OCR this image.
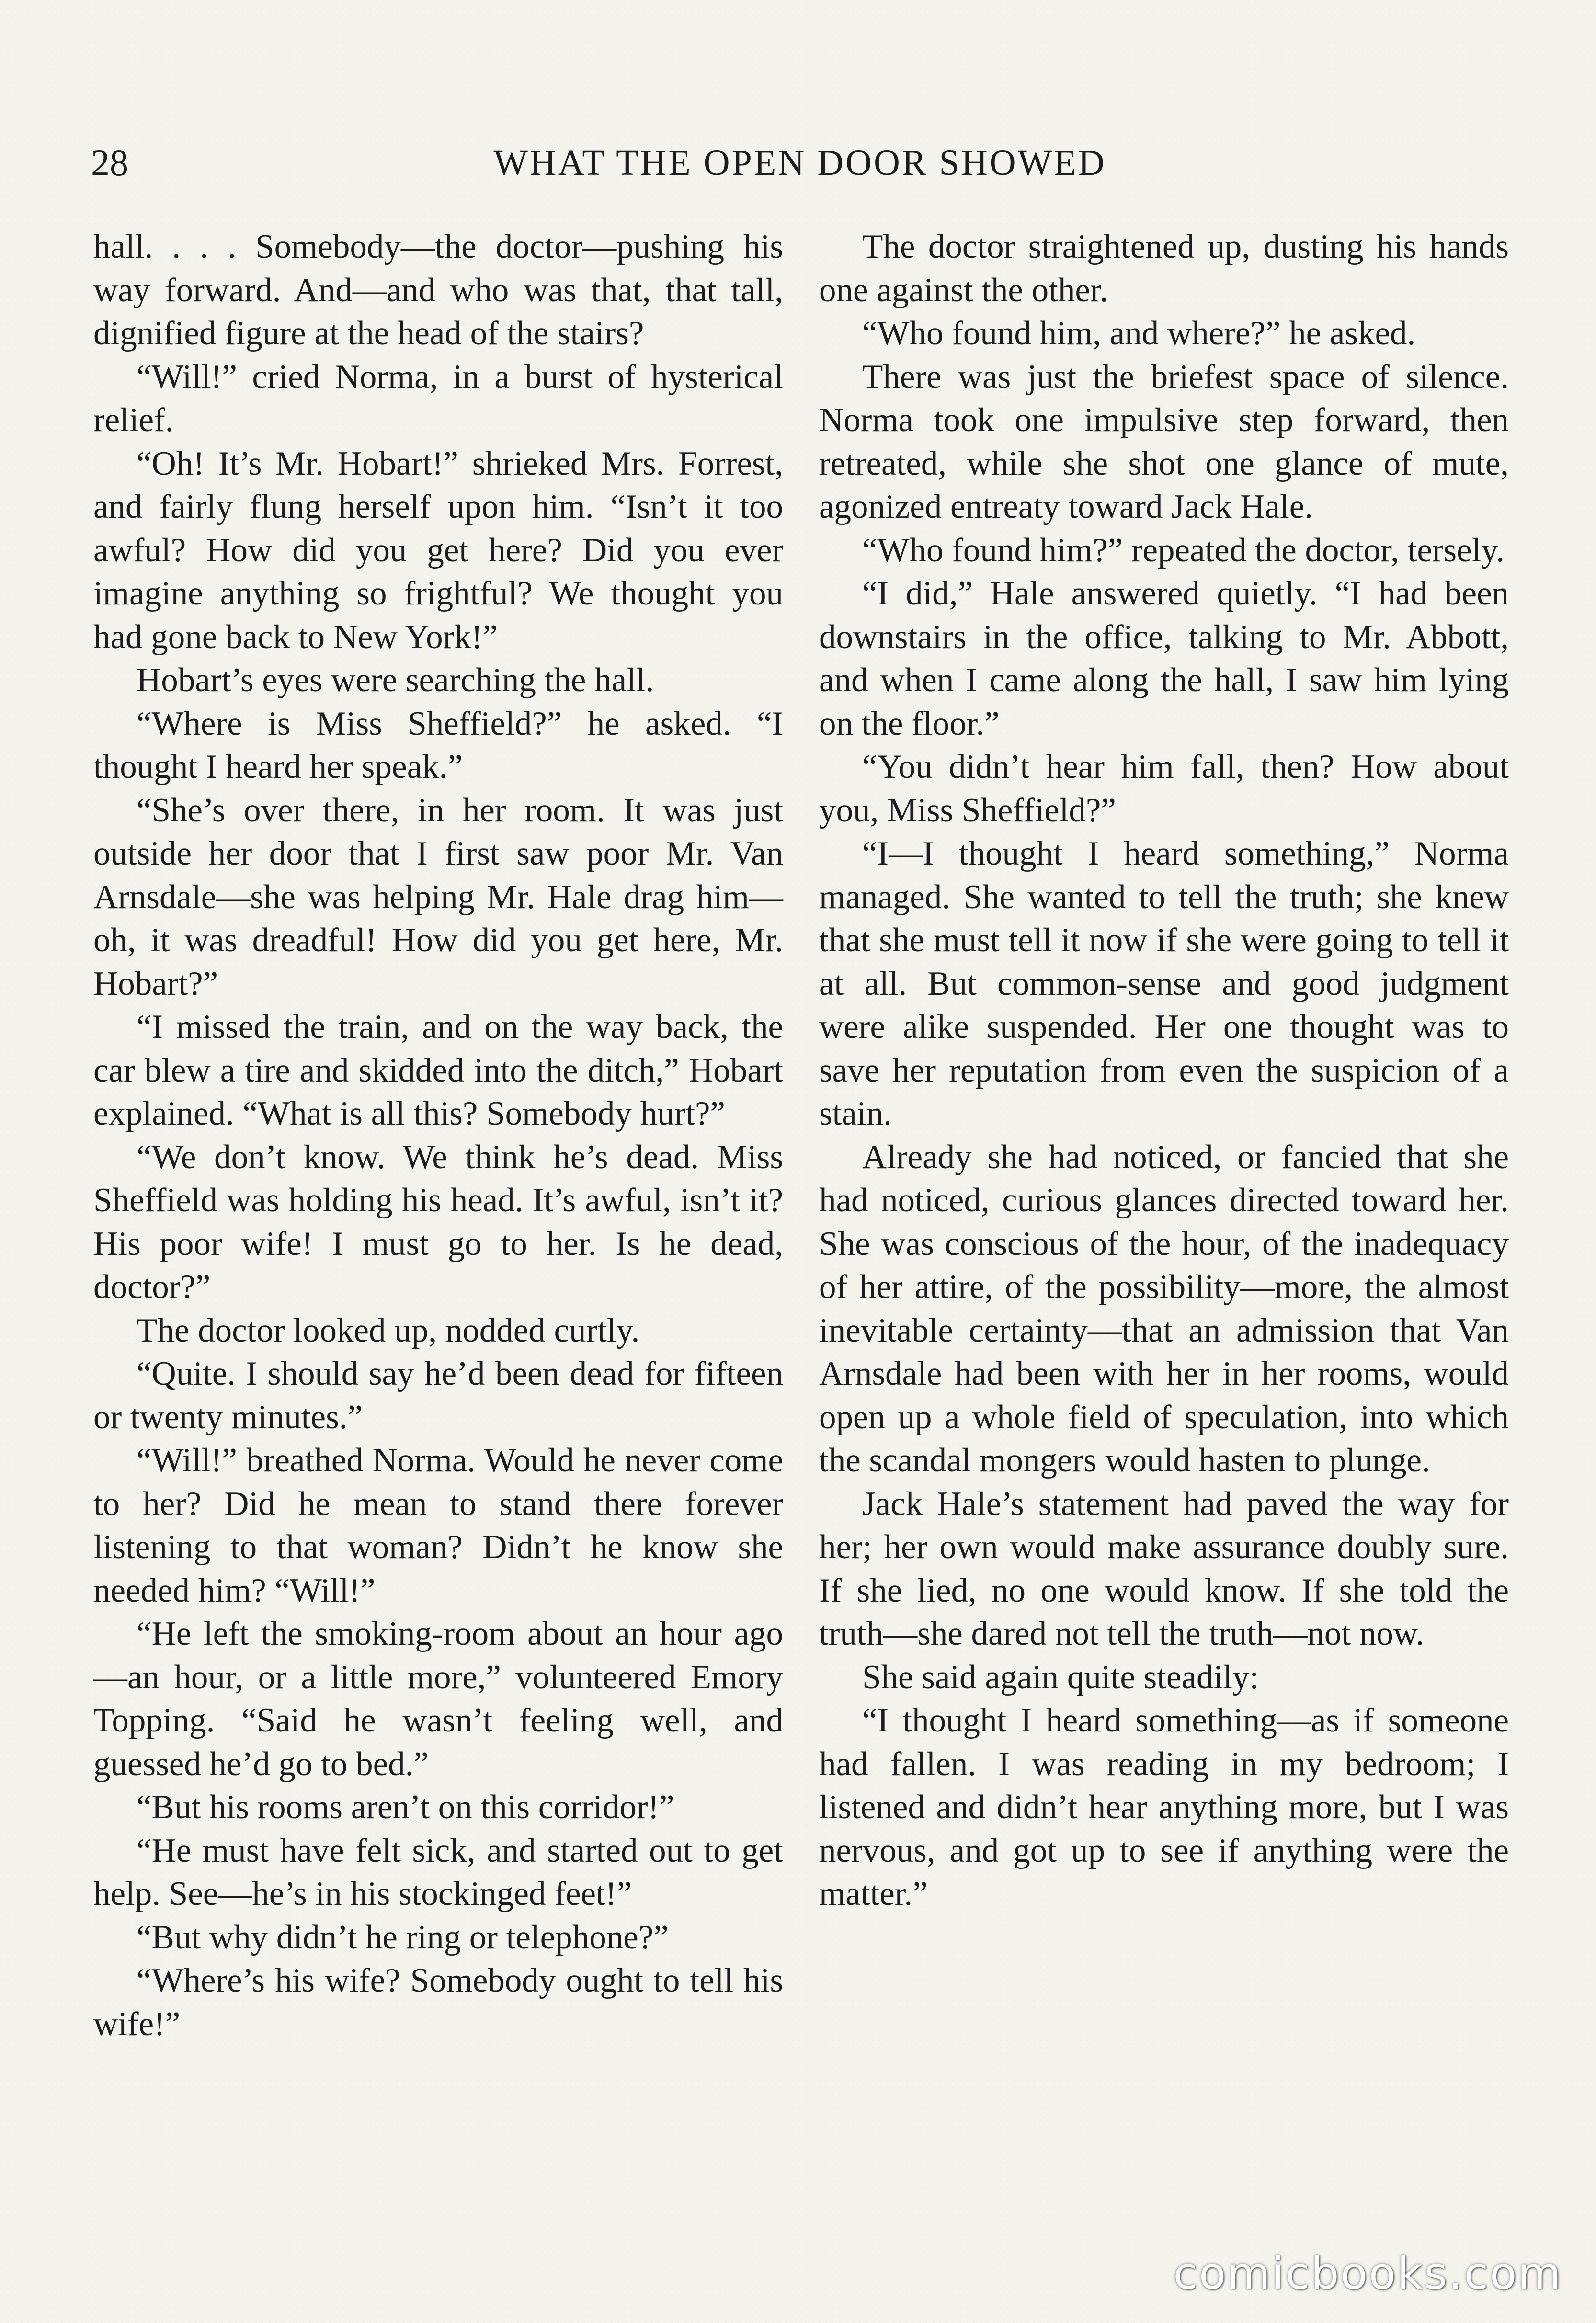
28	WHAT THE OPEN DOOR SHOWED

hall. . . . Somebody—the doctor—pushing his way forward. And—and who was that, that tall, dignified figure at the head of the stairs?

“Will!” cried Norma, in a burst of hysterical relief.

“Oh! It’s Mr. Hobart!” shrieked Mrs. Forrest, and fairly flung herself upon him. “Isn’t it too awful? How did you get here? Did you ever imagine anything so frightful? We thought you had gone back to New York!”

Hobart’s eyes were searching the hall.

“Where is Miss Sheffield?” he asked. “I thought I heard her speak.”

“She’s over there, in her room. It was just outside her door that I first saw poor Mr. Van Arnsdale—she was helping Mr. Hale drag him—oh, it was dreadful! How did you get here, Mr. Hobart?”

“I missed the train, and on the way back, the car blew a tire and skidded into the ditch,” Hobart explained. “What is all this? Somebody hurt?”

“We don’t know. We think he’s dead. Miss Sheffield was holding his head. It’s awful, isn’t it? His poor wife! I must go to her. Is he dead, doctor?”

The doctor looked up, nodded curtly.

“Quite. I should say he’d been dead for fifteen or twenty minutes.”

“Will!” breathed Norma. Would he never come to her? Did he mean to stand there forever listening to that woman? Didn’t he know she needed him? “Will!”

“He left the smoking-room about an hour ago—an hour, or a little more,” volunteered Emory Topping. “Said he wasn’t feeling well, and guessed he’d go to bed.”

“But his rooms aren’t on this corridor!”

“He must have felt sick, and started out to get help. See—he’s in his stockinged feet!”

“But why didn’t he ring or telephone?”

“Where’s his wife? Somebody ought to tell his wife!”

The doctor straightened up, dusting his hands one against the other.

“Who found him, and where?” he asked.

There was just the briefest space of silence. Norma took one impulsive step forward, then retreated, while she shot one glance of mute, agonized entreaty toward Jack Hale.

“Who found him?” repeated the doctor, tersely.

“I did,” Hale answered quietly. “I had been downstairs in the office, talking to Mr. Abbott, and when I came along the hall, I saw him lying on the floor.”

“You didn’t hear him fall, then? How about you, Miss Sheffield?”

“I—I thought I heard something,” Norma managed. She wanted to tell the truth; she knew that she must tell it now if she were going to tell it at all. But common-sense and good judgment were alike suspended. Her one thought was to save her reputation from even the suspicion of a stain.

Already she had noticed, or fancied that she had noticed, curious glances directed toward her. She was conscious of the hour, of the inadequacy of her attire, of the possibility—more, the almost inevitable certainty—that an admission that Van Arnsdale had been with her in her rooms, would open up a whole field of speculation, into which the scandal mongers would hasten to plunge.

Jack Hale’s statement had paved the way for her; her own would make assurance doubly sure. If she lied, no one would know. If she told the truth—she dared not tell the truth—not now.

She said again quite steadily:

“I thought I heard something—as if someone had fallen. I was reading in my bedroom; I listened and didn’t hear anything more, but I was nervous, and got up to see if anything were the matter.”

comicbooks.com
